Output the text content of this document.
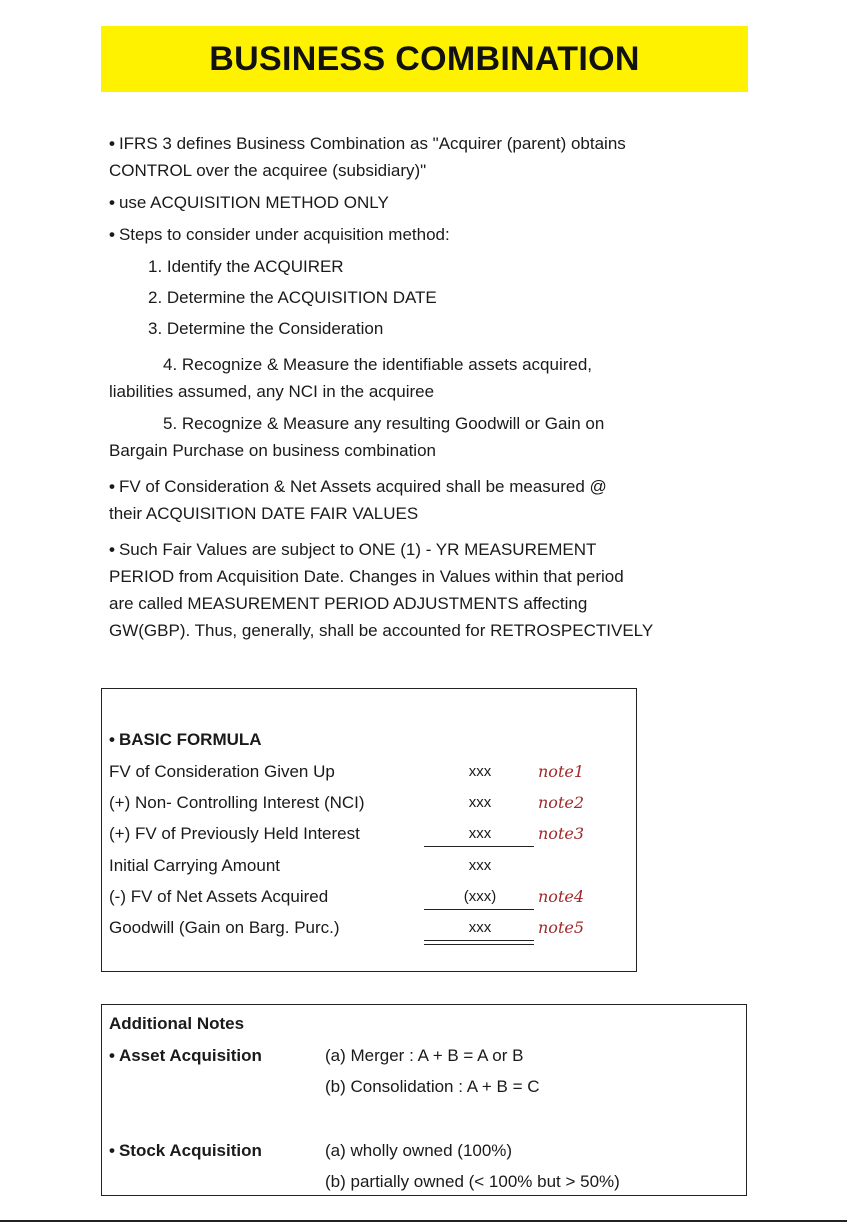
BUSINESS COMBINATION
• IFRS 3 defines Business Combination as "Acquirer (parent) obtains
CONTROL over the acquiree (subsidiary)"
• use ACQUISITION METHOD ONLY
• Steps to consider under acquisition method:
1. Identify the ACQUIRER
2. Determine the ACQUISITION DATE
3. Determine the Consideration
4. Recognize & Measure the identifiable assets acquired,
liabilities assumed, any NCI in the acquiree
5. Recognize & Measure any resulting Goodwill or Gain on
Bargain Purchase on business combination
• FV of Consideration & Net Assets acquired shall be measured @
their ACQUISITION DATE FAIR VALUES
• Such Fair Values are subject to ONE (1) - YR MEASUREMENT
PERIOD from Acquisition Date. Changes in Values within that period
are called MEASUREMENT PERIOD ADJUSTMENTS affecting
GW(GBP). Thus, generally, shall be accounted for RETROSPECTIVELY
• BASIC FORMULA
FV of Consideration Given Up	xxx	note1
(+) Non- Controlling Interest (NCI)	xxx	note2
(+) FV of Previously Held Interest	xxx	note3
Initial Carrying Amount	xxx
(-) FV of Net Assets Acquired	(xxx)	note4
Goodwill (Gain on Barg. Purc.)	xxx	note5
Additional Notes
• Asset Acquisition	(a) Merger : A + B = A or B
(b) Consolidation : A + B = C
• Stock Acquisition	(a) wholly owned (100%)
(b) partially owned (< 100% but > 50%)
